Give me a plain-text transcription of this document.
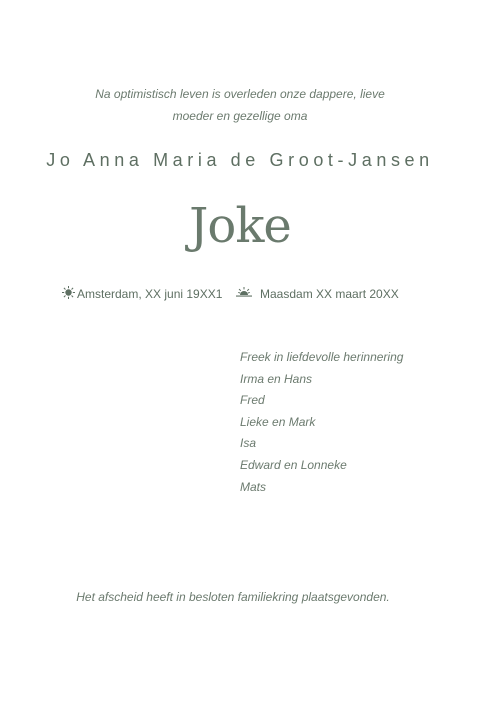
Na optimistisch leven is overleden onze dappere, lieve
moeder en gezellige oma
Jo Anna Maria de Groot-Jansen
Joke
Amsterdam, XX juni 19XX1	Maasdam XX maart 20XX
Freek in liefdevolle herinnering
Irma en Hans
Fred
Lieke en Mark
Isa
Edward en Lonneke
Mats
Het afscheid heeft in besloten familiekring plaatsgevonden.
